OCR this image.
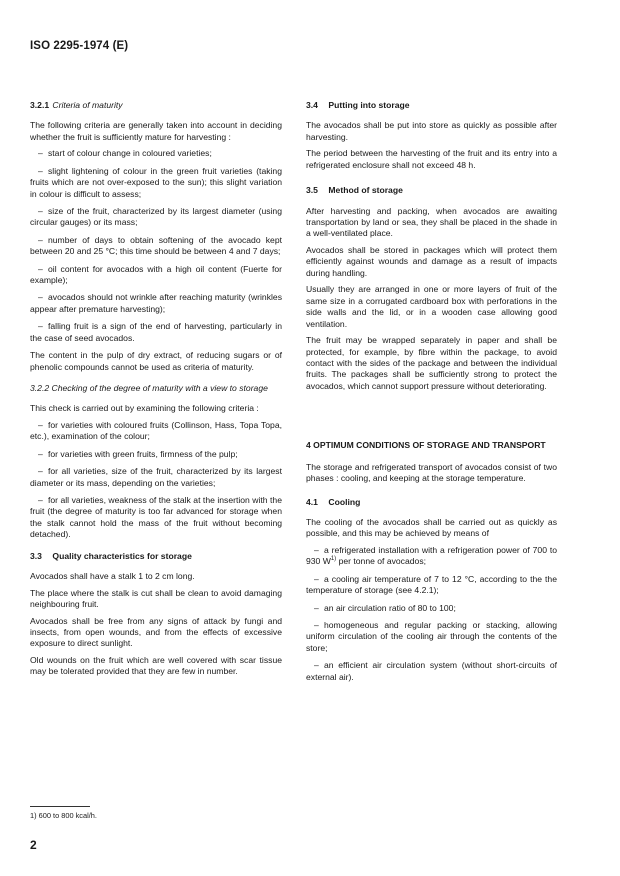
ISO 2295-1974 (E)
3.2.1 Criteria of maturity

The following criteria are generally taken into account in deciding whether the fruit is sufficiently mature for harvesting :

– start of colour change in coloured varieties;
– slight lightening of colour in the green fruit varieties (taking fruits which are not over-exposed to the sun); this slight variation in colour is difficult to assess;
– size of the fruit, characterized by its largest diameter (using circular gauges) or its mass;
– number of days to obtain softening of the avocado kept between 20 and 25 °C; this time should be between 4 and 7 days;
– oil content for avocados with a high oil content (Fuerte for example);
– avocados should not wrinkle after reaching maturity (wrinkles appear after premature harvesting);
– falling fruit is a sign of the end of harvesting, particularly in the case of seed avocados.

The content in the pulp of dry extract, of reducing sugars or of phenolic compounds cannot be used as criteria of maturity.

3.2.2 Checking of the degree of maturity with a view to storage

This check is carried out by examining the following criteria :

– for varieties with coloured fruits (Collinson, Hass, Topa Topa, etc.), examination of the colour;
– for varieties with green fruits, firmness of the pulp;
– for all varieties, size of the fruit, characterized by its largest diameter or its mass, depending on the varieties;
– for all varieties, weakness of the stalk at the insertion with the fruit (the degree of maturity is too far advanced for storage when the stalk cannot hold the mass of the fruit without becoming detached).
3.3 Quality characteristics for storage

Avocados shall have a stalk 1 to 2 cm long.

The place where the stalk is cut shall be clean to avoid damaging neighbouring fruit.

Avocados shall be free from any signs of attack by fungi and insects, from open wounds, and from the effects of excessive exposure to direct sunlight.

Old wounds on the fruit which are well covered with scar tissue may be tolerated provided that they are few in number.

3.4 Putting into storage

The avocados shall be put into store as quickly as possible after harvesting.

The period between the harvesting of the fruit and its entry into a refrigerated enclosure shall not exceed 48 h.

3.5 Method of storage

After harvesting and packing, when avocados are awaiting transportation by land or sea, they shall be placed in the shade in a well-ventilated place.

Avocados shall be stored in packages which will protect them efficiently against wounds and damage as a result of impacts during handling.

Usually they are arranged in one or more layers of fruit of the same size in a corrugated cardboard box with perforations in the side walls and the lid, or in a wooden case allowing good ventilation.

The fruit may be wrapped separately in paper and shall be protected, for example, by fibre within the package, to avoid contact with the sides of the package and between the individual fruits. The packages shall be sufficiently strong to protect the avocados, which cannot support pressure without deteriorating.

4 OPTIMUM CONDITIONS OF STORAGE AND TRANSPORT

The storage and refrigerated transport of avocados consist of two phases : cooling, and keeping at the storage temperature.

4.1 Cooling

The cooling of the avocados shall be carried out as quickly as possible, and this may be achieved by means of

– a refrigerated installation with a refrigeration power of 700 to 930 $W^{1)}$ per tonne of avocados;
– a cooling air temperature of 7 to 12 °C, according to the the temperature of storage (see 4.2.1);
– an air circulation ratio of 80 to 100;
– homogeneous and regular packing or stacking, allowing uniform circulation of the cooling air through the contents of the store;
– an efficient air circulation system (without short-circuits of external air).
1) 600 to 800 kcal/h.
2
